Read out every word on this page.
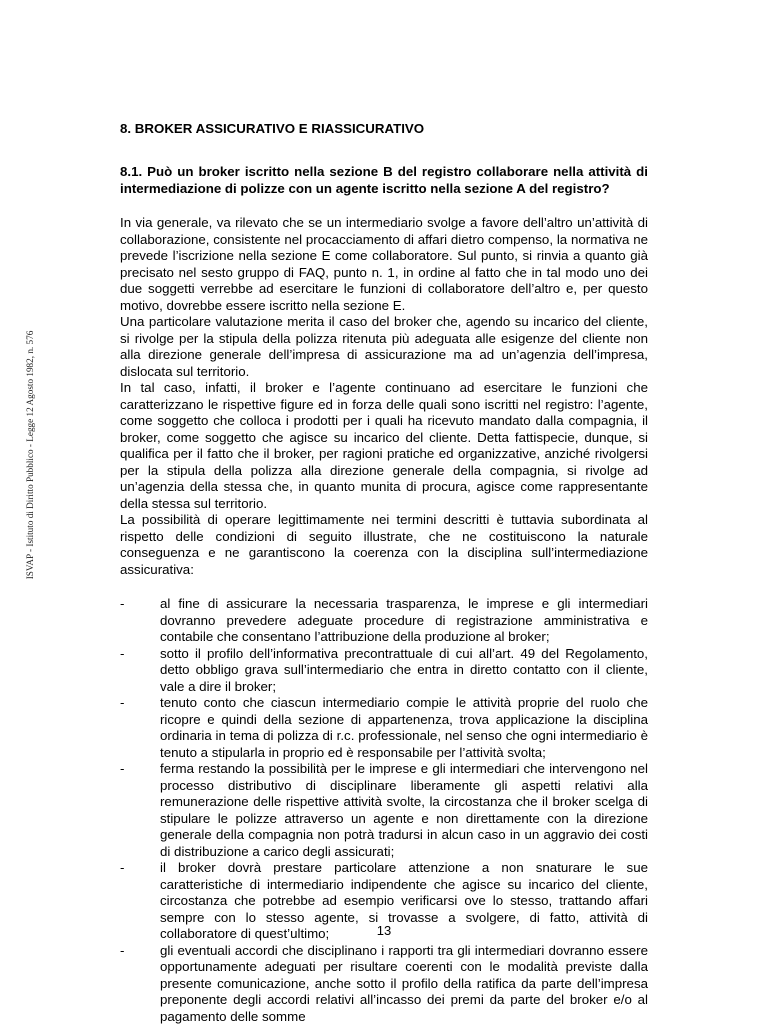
ISVAP - Istituto di Diritto Pubblico - Legge 12 Agosto 1982, n. 576
8. BROKER ASSICURATIVO E RIASSICURATIVO
8.1. Può un broker iscritto nella sezione B del registro collaborare nella attività di intermediazione di polizze con un agente iscritto nella sezione A del registro?

In via generale, va rilevato che se un intermediario svolge a favore dell’altro un’attività di collaborazione, consistente nel procacciamento di affari dietro compenso, la normativa ne prevede l’iscrizione nella sezione E come collaboratore. Sul punto, si rinvia a quanto già precisato nel sesto gruppo di FAQ, punto n. 1, in ordine al fatto che in tal modo uno dei due soggetti verrebbe ad esercitare le funzioni di collaboratore dell’altro e, per questo motivo, dovrebbe essere iscritto nella sezione E.

Una particolare valutazione merita il caso del broker che, agendo su incarico del cliente, si rivolge per la stipula della polizza ritenuta più adeguata alle esigenze del cliente non alla direzione generale dell’impresa di assicurazione ma ad un’agenzia dell’impresa, dislocata sul territorio.

In tal caso, infatti, il broker e l’agente continuano ad esercitare le funzioni che caratterizzano le rispettive figure ed in forza delle quali sono iscritti nel registro: l’agente, come soggetto che colloca i prodotti per i quali ha ricevuto mandato dalla compagnia, il broker, come soggetto che agisce su incarico del cliente. Detta fattispecie, dunque, si qualifica per il fatto che il broker, per ragioni pratiche ed organizzative, anziché rivolgersi per la stipula della polizza alla direzione generale della compagnia, si rivolge ad un’agenzia della stessa che, in quanto munita di procura, agisce come rappresentante della stessa sul territorio.

La possibilità di operare legittimamente nei termini descritti è tuttavia subordinata al rispetto delle condizioni di seguito illustrate, che ne costituiscono la naturale conseguenza e ne garantiscono la coerenza con la disciplina sull’intermediazione assicurativa:

-	al fine di assicurare la necessaria trasparenza, le imprese e gli intermediari dovranno prevedere adeguate procedure di registrazione amministrativa e contabile che consentano l’attribuzione della produzione al broker;
-	sotto il profilo dell’informativa precontrattuale di cui all’art. 49 del Regolamento, detto obbligo grava sull’intermediario che entra in diretto contatto con il cliente, vale a dire il broker;
-	tenuto conto che ciascun intermediario compie le attività proprie del ruolo che ricopre e quindi della sezione di appartenenza, trova applicazione la disciplina ordinaria in tema di polizza di r.c. professionale, nel senso che ogni intermediario è tenuto a stipularla in proprio ed è responsabile per l’attività svolta;
-	ferma restando la possibilità per le imprese e gli intermediari che intervengono nel processo distributivo di disciplinare liberamente gli aspetti relativi alla remunerazione delle rispettive attività svolte, la circostanza che il broker scelga di stipulare le polizze attraverso un agente e non direttamente con la direzione generale della compagnia non potrà tradursi in alcun caso in un aggravio dei costi di distribuzione a carico degli assicurati;
-	il broker dovrà prestare particolare attenzione a non snaturare le sue caratteristiche di intermediario indipendente che agisce su incarico del cliente, circostanza che potrebbe ad esempio verificarsi ove lo stesso, trattando affari sempre con lo stesso agente, si trovasse a svolgere, di fatto, attività di collaboratore di quest’ultimo;
-	gli eventuali accordi che disciplinano i rapporti tra gli intermediari dovranno essere opportunamente adeguati per risultare coerenti con le modalità previste dalla presente comunicazione, anche sotto il profilo della ratifica da parte dell’impresa preponente degli accordi relativi all’incasso dei premi da parte del broker e/o al pagamento delle somme
13
